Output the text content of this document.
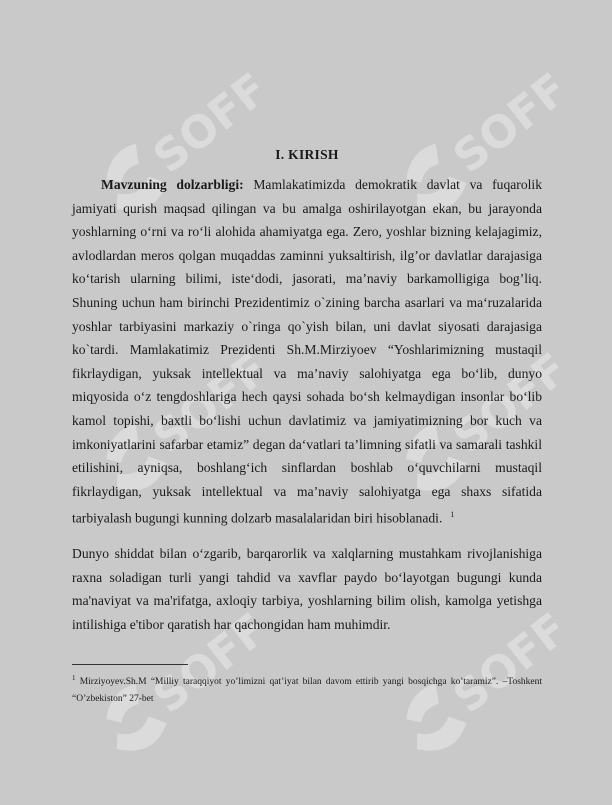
SOFF	SOFF
SOFF	SOFF
SOFF	SOFF
I. KIRISH

Mavzuning dolzarbligi: Mamlakatimizda demokratik davlat va fuqarolik jamiyati qurish maqsad qilingan va bu amalga oshirilayotgan ekan, bu jarayonda yoshlarning o‘rni va ro‘li alohida ahamiyatga ega. Zero, yoshlar bizning kelajagimiz, avlodlardan meros qolgan muqaddas zaminni yuksaltirish, ilg’or davlatlar darajasiga ko‘tarish ularning bilimi, iste‘dodi, jasorati, ma’naviy barkamolligiga bog’liq. Shuning uchun ham birinchi Prezidentimiz o`zining barcha asarlari va ma‘ruzalarida yoshlar tarbiyasini markaziy o`ringa qo`yish bilan, uni davlat siyosati darajasiga ko`tardi. Mamlakatimiz Prezidenti Sh.M.Mirziyoev “Yoshlarimizning mustaqil fikrlaydigan, yuksak intellektual va ma’naviy salohiyatga ega bo‘lib, dunyo miqyosida o‘z tengdoshlariga hech qaysi sohada bo‘sh kelmaydigan insonlar bo‘lib kamol topishi, baxtli bo‘lishi uchun davlatimiz va jamiyatimizning bor kuch va imkoniyatlarini safarbar etamiz” degan da‘vatlari ta’limning sifatli va samarali tashkil etilishini, ayniqsa, boshlang‘ich sinflardan boshlab o‘quvchilarni mustaqil fikrlaydigan, yuksak intellektual va ma’naviy salohiyatga ega shaxs sifatida tarbiyalash bugungi kunning dolzarb masalalaridan biri hisoblanadi. $^1$

Dunyo shiddat bilan o‘zgarib, barqarorlik va xalqlarning mustahkam rivojlanishiga raxna soladigan turli yangi tahdid va xavflar paydo bo‘layotgan bugungi kunda ma'naviyat va ma'rifatga, axloqiy tarbiya, yoshlarning bilim olish, kamolga yetishga intilishiga e'tibor qaratish har qachongidan ham muhimdir.

$^1$ Mirziyoyev.Sh.M “Milliy taraqqiyot yo’limizni qat’iyat bilan davom ettirib yangi bosqichga ko’taramiz”. –Toshkent “O’zbekiston” 27-bet
